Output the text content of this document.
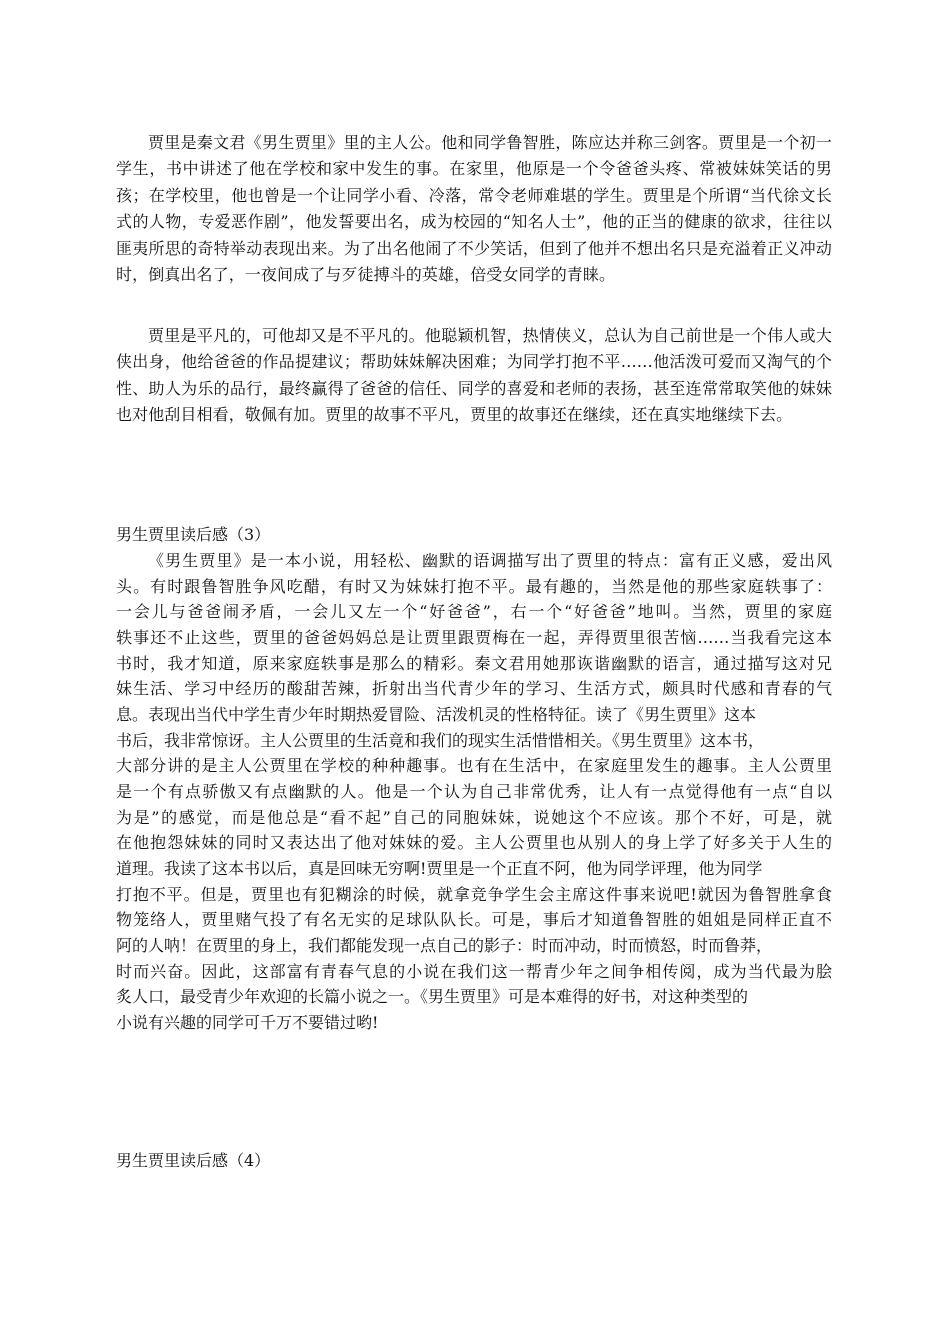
贾里是秦文君《男生贾里》里的主人公。他和同学鲁智胜，陈应达并称三剑客。贾里是一个初一学生，书中讲述了他在学校和家中发生的事。在家里，他原是一个令爸爸头疼、常被妹妹笑话的男孩；在学校里，他也曾是一个让同学小看、冷落，常令老师难堪的学生。贾里是个所谓“当代徐文长式的人物，专爱恶作剧”，他发誓要出名，成为校园的“知名人士”，他的正当的健康的欲求，往往以匪夷所思的奇特举动表现出来。为了出名他闹了不少笑话，但到了他并不想出名只是充溢着正义冲动时，倒真出名了，一夜间成了与歹徒搏斗的英雄，倍受女同学的青睐。

贾里是平凡的，可他却又是不平凡的。他聪颖机智，热情侠义，总认为自己前世是一个伟人或大侠出身，他给爸爸的作品提建议；帮助妹妹解决困难；为同学打抱不平……他活泼可爱而又淘气的个性、助人为乐的品行，最终赢得了爸爸的信任、同学的喜爱和老师的表扬，甚至连常常取笑他的妹妹也对他刮目相看，敬佩有加。贾里的故事不平凡，贾里的故事还在继续，还在真实地继续下去。

男生贾里读后感（3）

《男生贾里》是一本小说，用轻松、幽默的语调描写出了贾里的特点：富有正义感，爱出风
头。有时跟鲁智胜争风吃醋，有时又为妹妹打抱不平。最有趣的，当然是他的那些家庭轶事了：
一会儿与爸爸闹矛盾，一会儿又左一个“好爸爸”，右一个“好爸爸”地叫。当然，贾里的家庭
轶事还不止这些，贾里的爸爸妈妈总是让贾里跟贾梅在一起，弄得贾里很苦恼……当我看完这本
书时，我才知道，原来家庭轶事是那么的精彩。秦文君用她那诙谐幽默的语言，通过描写这对兄
妹生活、学习中经历的酸甜苦辣，折射出当代青少年的学习、生活方式，颇具时代感和青春的气
息。表现出当代中学生青少年时期热爱冒险、活泼机灵的性格特征。读了《男生贾里》这本
书后，我非常惊讶。主人公贾里的生活竟和我们的现实生活惜惜相关。《男生贾里》这本书，
大部分讲的是主人公贾里在学校的种种趣事。也有在生活中，在家庭里发生的趣事。主人公贾里
是一个有点骄傲又有点幽默的人。他是一个认为自己非常优秀，让人有一点觉得他有一点“自以
为是”的感觉，而是他总是“看不起”自己的同胞妹妹，说她这个不应该。那个不好，可是，就
在他抱怨妹妹的同时又表达出了他对妹妹的爱。主人公贾里也从别人的身上学了好多关于人生的
道理。我读了这本书以后，真是回味无穷啊!贾里是一个正直不阿，他为同学评理，他为同学
打抱不平。但是，贾里也有犯糊涂的时候，就拿竞争学生会主席这件事来说吧!就因为鲁智胜拿食
物笼络人，贾里赌气投了有名无实的足球队队长。可是，事后才知道鲁智胜的姐姐是同样正直不
阿的人呐！在贾里的身上，我们都能发现一点自己的影子：时而冲动，时而愤怒，时而鲁莽，
时而兴奋。因此，这部富有青春气息的小说在我们这一帮青少年之间争相传阅，成为当代最为脍
炙人口，最受青少年欢迎的长篇小说之一。《男生贾里》可是本难得的好书，对这种类型的
小说有兴趣的同学可千万不要错过哟!

男生贾里读后感（4）
